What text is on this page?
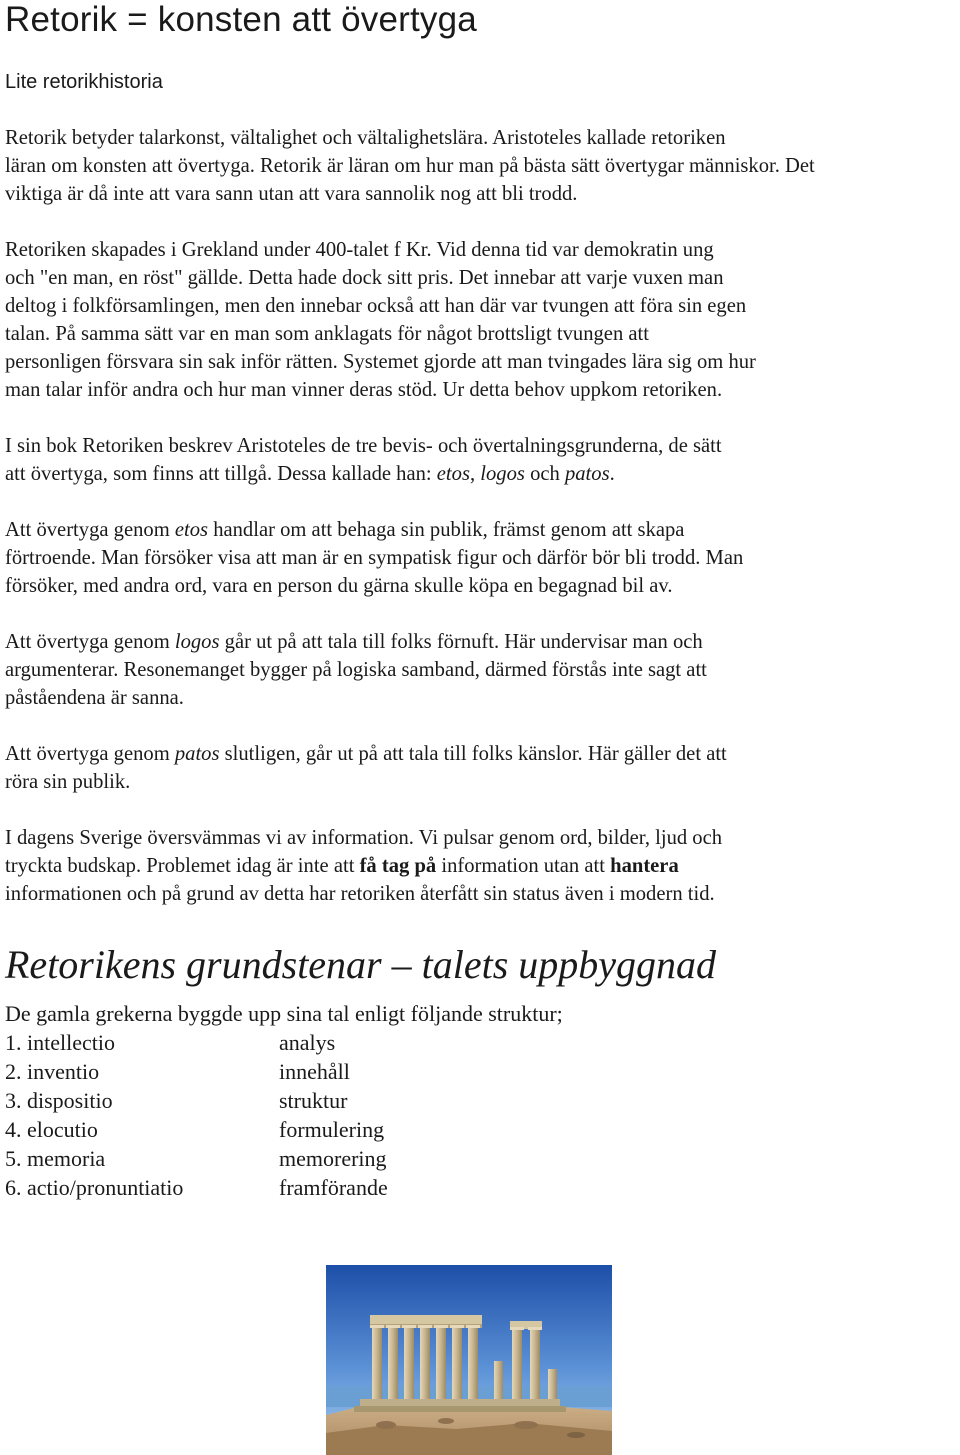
Retorik = konsten att övertyga
Lite retorikhistoria

Retorik betyder talarkonst, vältalighet och vältalighetslära. Aristoteles kallade retoriken
läran om konsten att övertyga. Retorik är läran om hur man på bästa sätt övertygar människor. Det
viktiga är då inte att vara sann utan att vara sannolik nog att bli trodd.

Retoriken skapades i Grekland under 400-talet f Kr. Vid denna tid var demokratin ung
och "en man, en röst" gällde. Detta hade dock sitt pris. Det innebar att varje vuxen man
deltog i folkförsamlingen, men den innebar också att han där var tvungen att föra sin egen
talan. På samma sätt var en man som anklagats för något brottsligt tvungen att
personligen försvara sin sak inför rätten. Systemet gjorde att man tvingades lära sig om hur
man talar inför andra och hur man vinner deras stöd. Ur detta behov uppkom retoriken.

I sin bok Retoriken beskrev Aristoteles de tre bevis- och övertalningsgrunderna, de sätt
att övertyga, som finns att tillgå. Dessa kallade han: etos, logos och patos.

Att övertyga genom etos handlar om att behaga sin publik, främst genom att skapa
förtroende. Man försöker visa att man är en sympatisk figur och därför bör bli trodd. Man
försöker, med andra ord, vara en person du gärna skulle köpa en begagnad bil av.

Att övertyga genom logos går ut på att tala till folks förnuft. Här undervisar man och
argumenterar. Resonemanget bygger på logiska samband, därmed förstås inte sagt att
påståendena är sanna.

Att övertyga genom patos slutligen, går ut på att tala till folks känslor. Här gäller det att
röra sin publik.

I dagens Sverige översvämmas vi av information. Vi pulsar genom ord, bilder, ljud och
tryckta budskap. Problemet idag är inte att få tag på information utan att hantera
informationen och på grund av detta har retoriken återfått sin status även i modern tid.

Retorikens grundstenar – talets uppbyggnad
De gamla grekerna byggde upp sina tal enligt följande struktur;
1. intellectio	analys
2. inventio	innehåll
3. dispositio	struktur
4. elocutio	formulering
5. memoria	memorering
6. actio/pronuntiatio	framförande
